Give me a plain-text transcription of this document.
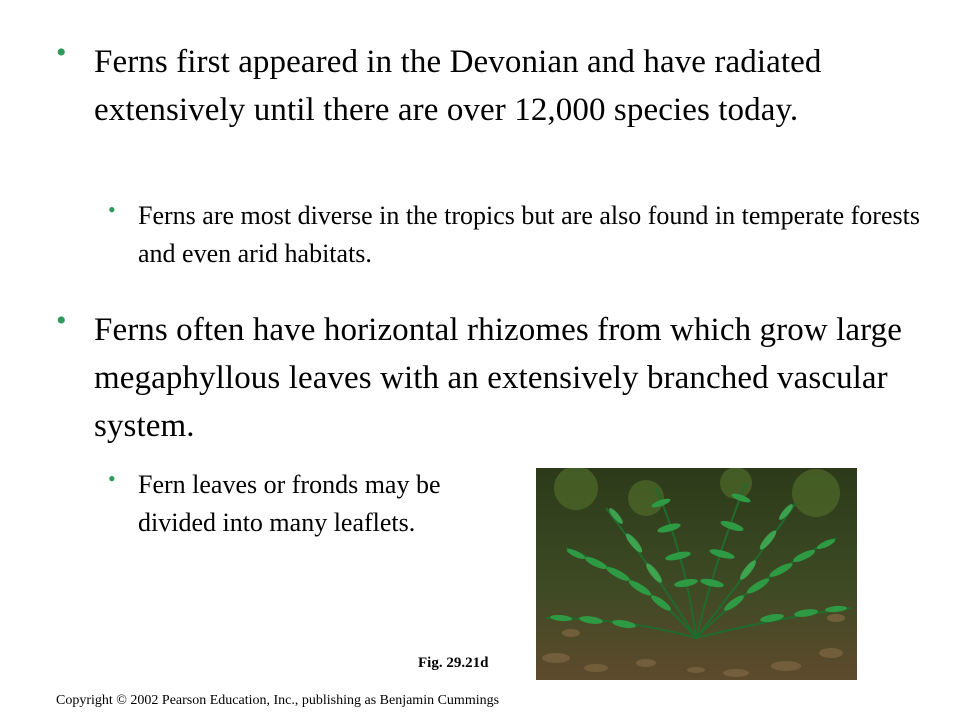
• Ferns first appeared in the Devonian and have radiated extensively until there are over 12,000 species today.
• Ferns are most diverse in the tropics but are also found in temperate forests and even arid habitats.
• Ferns often have horizontal rhizomes from which grow large megaphyllous leaves with an extensively branched vascular system.
• Fern leaves or fronds may be divided into many leaflets.
Fig. 29.21d
Copyright © 2002 Pearson Education, Inc., publishing as Benjamin Cummings
